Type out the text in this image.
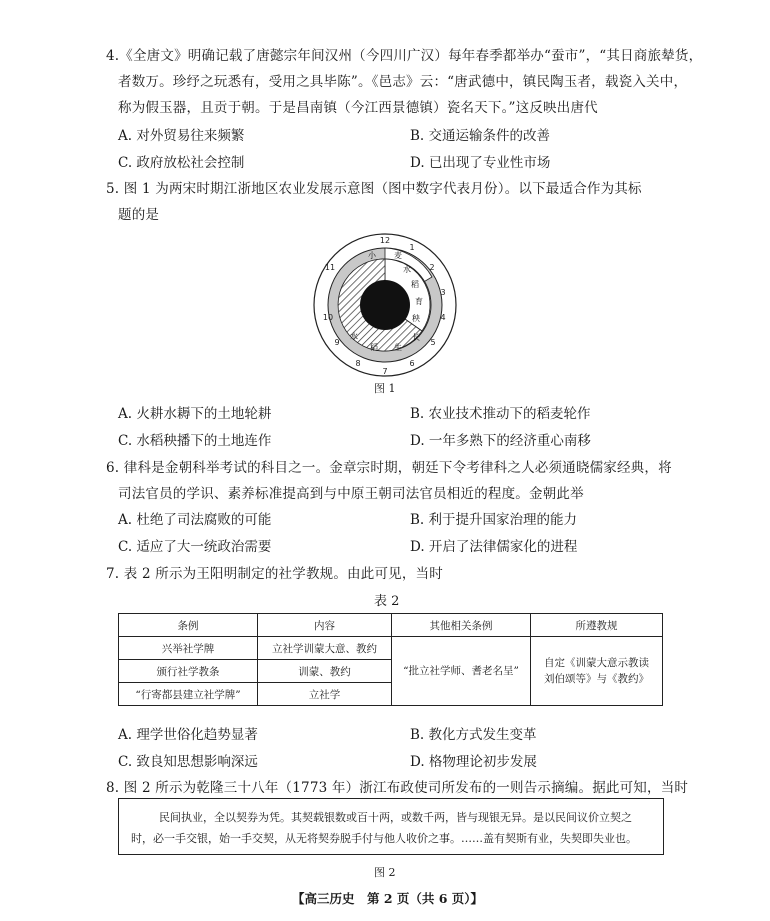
4.《全唐文》明确记载了唐懿宗年间汉州（今四川广汉）每年春季都举办“蚕市”，“其日商旅辇货，
者数万。珍纾之玩悉有，受用之具毕陈”。《邑志》云：“唐武德中，镇民陶玉者，载瓷入关中，
称为假玉器，且贡于朝。于是昌南镇（今江西景德镇）瓷名天下。”这反映出唐代
A. 对外贸易往来频繁	B. 交通运输条件的改善
C. 政府放松社会控制	D. 已出现了专业性市场
5. 图 1 为两宋时期江浙地区农业发展示意图（图中数字代表月份）。以下最适合作为其标
题的是
12
1
2
3
4
5
6
7
8
9
10
11
小 麦
水
稻
育
秧
水
稻 生
长
图 1
A. 火耕水耨下的土地轮耕	B. 农业技术推动下的稻麦轮作
C. 水稻秧播下的土地连作	D. 一年多熟下的经济重心南移
6. 律科是金朝科举考试的科目之一。金章宗时期，朝廷下令考律科之人必须通晓儒家经典，将
司法官员的学识、素养标准提高到与中原王朝司法官员相近的程度。金朝此举
A. 杜绝了司法腐败的可能	B. 利于提升国家治理的能力
C. 适应了大一统政治需要	D. 开启了法律儒家化的进程
7. 表 2 所示为王阳明制定的社学教规。由此可见，当时
表 2
条例	内容	其他相关条例	所遵教规
兴举社学牌	立社学训蒙大意、教约	“批立社学师、耆老名呈”	自定《训蒙大意示教读刘伯颂等》与《教约》
颁行社学教条	训蒙、教约		
“行寄都县建立社学牌”	立社学		
A. 理学世俗化趋势显著	B. 教化方式发生变革
C. 致良知思想影响深远	D. 格物理论初步发展
8. 图 2 所示为乾隆三十八年（1773 年）浙江布政使司所发布的一则告示摘编。据此可知，当时
民间执业，全以契券为凭。其契载银数或百十两，或数千两，皆与现银无异。是以民间议价立契之
时，必一手交银，始一手交契，从无将契券脱手付与他人收价之事。……盖有契斯有业，失契即失业也。
图 2
【高三历史　第 2 页（共 6 页）】
